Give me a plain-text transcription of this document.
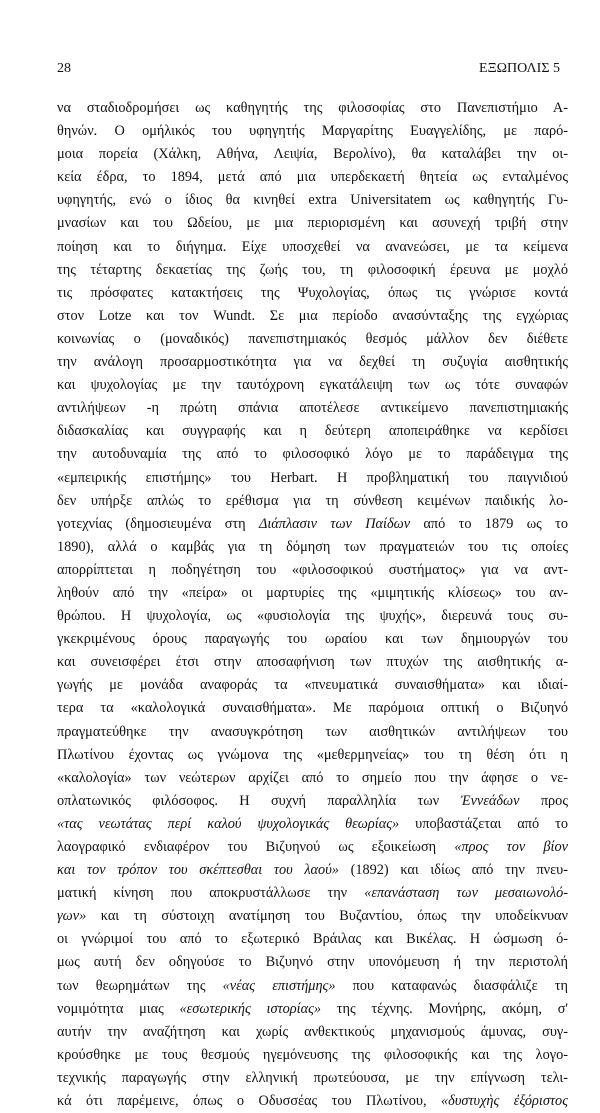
28	ΕΞΩΠΟΛΙΣ 5
να σταδιοδρομήσει ως καθηγητής της φιλοσοφίας στο Πανεπιστήμιο Α-
θηνών. Ο ομήλικός του υφηγητής Μαργαρίτης Ευαγγελίδης, με παρό-
μοια πορεία (Χάλκη, Αθήνα, Λειψία, Βερολίνο), θα καταλάβει την οι-
κεία έδρα, το 1894, μετά από μια υπερδεκαετή θητεία ως ενταλμένος
υφηγητής, ενώ ο ίδιος θα κινηθεί extra Universitatem ως καθηγητής Γυ-
μνασίων και του Ωδείου, με μια περιορισμένη και ασυνεχή τριβή στην
ποίηση και το διήγημα. Είχε υποσχεθεί να ανανεώσει, με τα κείμενα
της τέταρτης δεκαετίας της ζωής του, τη φιλοσοφική έρευνα με μοχλό
τις πρόσφατες κατακτήσεις της Ψυχολογίας, όπως τις γνώρισε κοντά
στον Lotze και τον Wundt. Σε μια περίοδο ανασύνταξης της εγχώριας
κοινωνίας ο (μοναδικός) πανεπιστημιακός θεσμός μάλλον δεν διέθετε
την ανάλογη προσαρμοστικότητα για να δεχθεί τη συζυγία αισθητικής
και ψυχολογίας με την ταυτόχρονη εγκατάλειψη των ως τότε συναφών
αντιλήψεων -η πρώτη σπάνια αποτέλεσε αντικείμενο πανεπιστημιακής
διδασκαλίας και συγγραφής και η δεύτερη αποπειράθηκε να κερδίσει
την αυτοδυναμία της από το φιλοσοφικό λόγο με το παράδειγμα της
«εμπειρικής επιστήμης» του Herbart. Η προβληματική του παιγνιδιού
δεν υπήρξε απλώς το ερέθισμα για τη σύνθεση κειμένων παιδικής λο-
γοτεχνίας (δημοσιευμένα στη Διάπλασιν των Παίδων από το 1879 ως το
1890), αλλά ο καμβάς για τη δόμηση των πραγματειών του τις οποίες
απορρίπτεται η ποδηγέτηση του «φιλοσοφικού συστήματος» για να αντ-
ληθούν από την «πείρα» οι μαρτυρίες της «μιμητικής κλίσεως» του αν-
θρώπου. Η ψυχολογία, ως «φυσιολογία της ψυχής», διερευνά τους συ-
γκεκριμένους όρους παραγωγής του ωραίου και των δημιουργών του
και συνεισφέρει έτσι στην αποσαφήνιση των πτυχών της αισθητικής α-
γωγής με μονάδα αναφοράς τα «πνευματικά συναισθήματα» και ιδιαί-
τερα τα «καλολογικά συναισθήματα». Με παρόμοια οπτική ο Βιζυηνό
πραγματεύθηκε την ανασυγκρότηση των αισθητικών αντιλήψεων του
Πλωτίνου έχοντας ως γνώμονα της «μεθερμηνείας» του τη θέση ότι η
«καλολογία» των νεώτερων αρχίζει από το σημείο που την άφησε ο νε-
οπλατωνικός φιλόσοφος. Η συχνή παραλληλία των Ἐννεάδων προς
«τας νεωτάτας περί καλού ψυχολογικάς θεωρίας» υποβαστάζεται από το
λαογραφικό ενδιαφέρον του Βιζυηνού ως εξοικείωση «προς τον βίον
και τον τρόπον του σκέπτεσθαι του λαού» (1892) και ιδίως από την πνευ-
ματική κίνηση που αποκρυστάλλωσε την «επανάσταση των μεσαιωνολό-
γων» και τη σύστοιχη ανατίμηση του Βυζαντίου, όπως την υποδείκνυαν
οι γνώριμοί του από το εξωτερικό Βράιλας και Βικέλας. Η ώσμωση ό-
μως αυτή δεν οδηγούσε το Βιζυηνό στην υπονόμευση ή την περιστολή
των θεωρημάτων της «νέας επιστήμης» που καταφανώς διασφάλιζε τη
νομιμότητα μιας «εσωτερικής ιστορίας» της τέχνης. Μονήρης, ακόμη, σ'
αυτήν την αναζήτηση και χωρίς ανθεκτικούς μηχανισμούς άμυνας, συγ-
κρούσθηκε με τους θεσμούς ηγεμόνευσης της φιλοσοφικής και της λογο-
τεχνικής παραγωγής στην ελληνική πρωτεύουσα, με την επίγνωση τελι-
κά ότι παρέμεινε, όπως ο Οδυσσέας του Πλωτίνου, «δυστυχὴς ἐξόριστος
